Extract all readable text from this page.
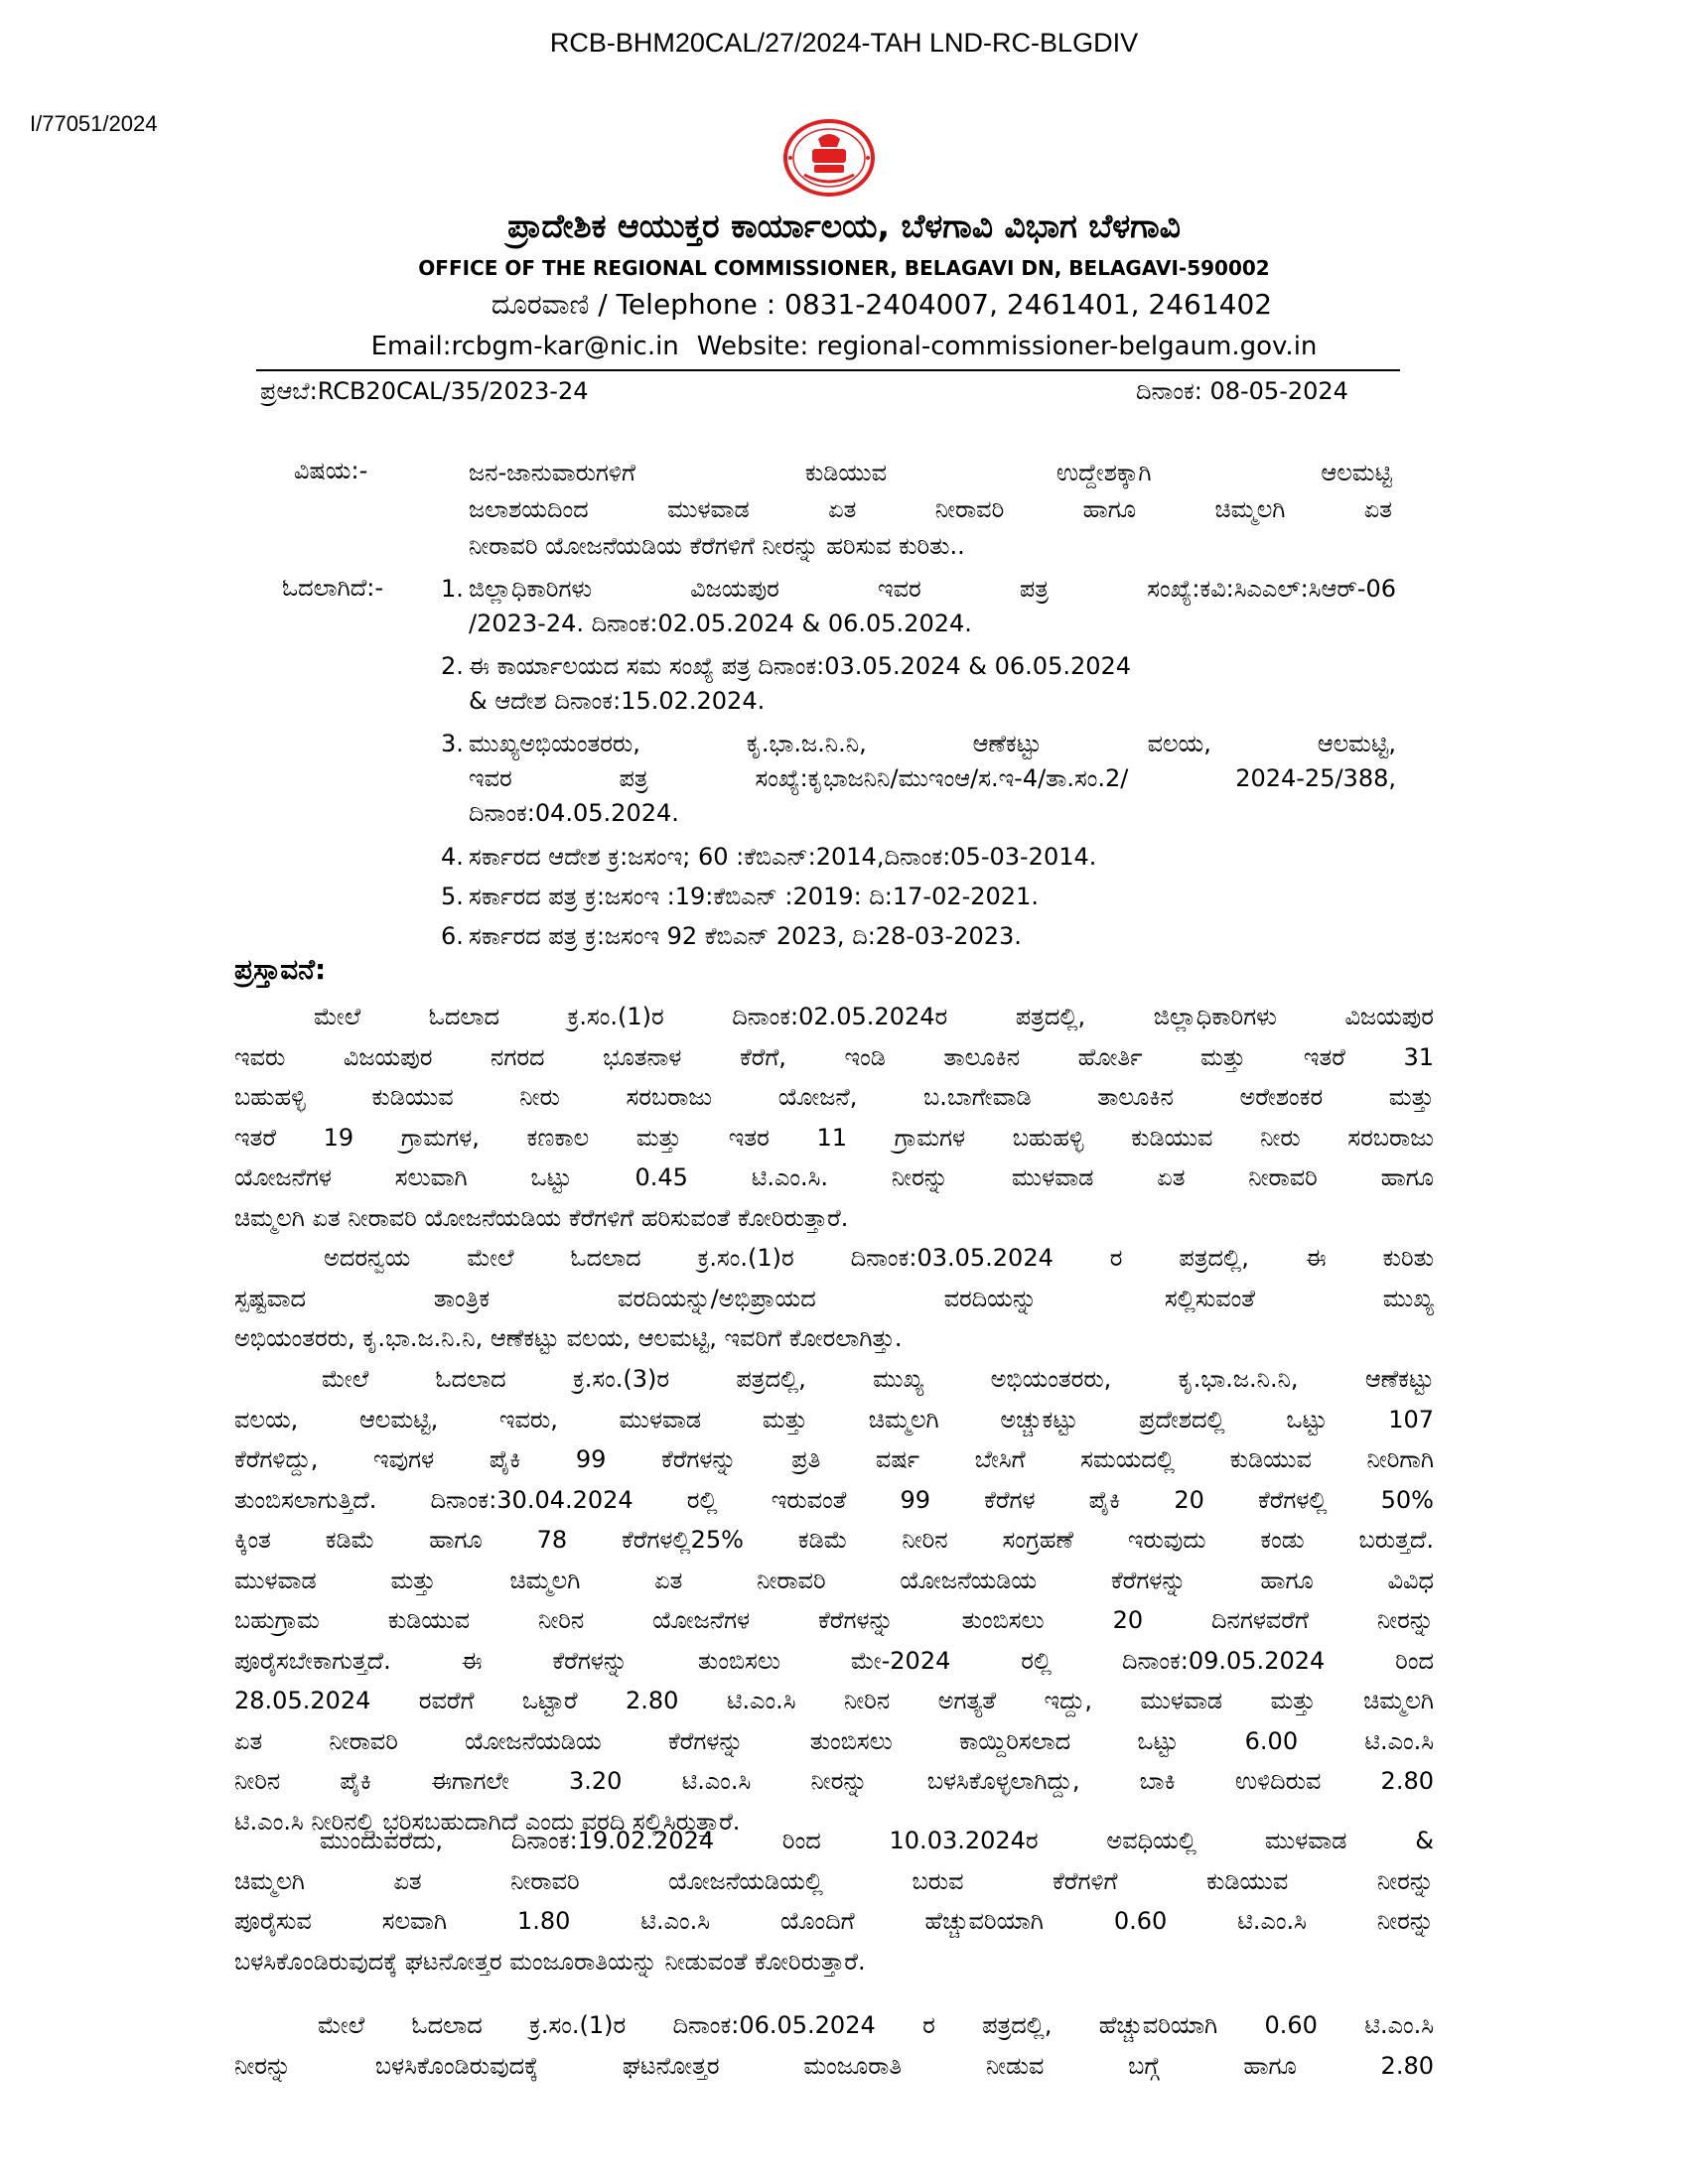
RCB-BHM20CAL/27/2024-TAH LND-RC-BLGDIV
I/77051/2024
ಪ್ರಾದೇಶಿಕ ಆಯುಕ್ತರ ಕಾರ್ಯಾಲಯ, ಬೆಳಗಾವಿ ವಿಭಾಗ ಬೆಳಗಾವಿ
OFFICE OF THE REGIONAL COMMISSIONER, BELAGAVI DN, BELAGAVI-590002
ದೂರವಾಣಿ / Telephone : 0831-2404007, 2461401, 2461402
Email:rcbgm-kar@nic.in Website: regional-commissioner-belgaum.gov.in
ಪ್ರಆಬೆ:RCB20CAL/35/2023-24	ದಿನಾಂಕ: 08-05-2024
ವಿಷಯ:-	ಜನ-ಜಾನುವಾರುಗಳಿಗೆ ಕುಡಿಯುವ ಉದ್ದೇಶಕ್ಕಾಗಿ ಆಲಮಟ್ಟಿ
ಜಲಾಶಯದಿಂದ ಮುಳವಾಡ ಏತ ನೀರಾವರಿ ಹಾಗೂ ಚಿಮ್ಮಲಗಿ ಏತ
ನೀರಾವರಿ ಯೋಜನೆಯಡಿಯ ಕೆರೆಗಳಿಗೆ ನೀರನ್ನು ಹರಿಸುವ ಕುರಿತು..
ಓದಲಾಗಿದೆ:- 1. ಜಿಲ್ಲಾಧಿಕಾರಿಗಳು ವಿಜಯಪುರ ಇವರ ಪತ್ರ ಸಂಖ್ಯೆ:ಕವಿ:ಸಿಎಎಲ್:ಸಿಆರ್-06
/2023-24. ದಿನಾಂಕ:02.05.2024 & 06.05.2024.
2. ಈ ಕಾರ್ಯಾಲಯದ ಸಮ ಸಂಖ್ಯೆ ಪತ್ರ ದಿನಾಂಕ:03.05.2024 & 06.05.2024
& ಆದೇಶ ದಿನಾಂಕ:15.02.2024.
3. ಮುಖ್ಯಅಭಿಯಂತರರು, ಕೃ.ಭಾ.ಜ.ನಿ.ನಿ, ಆಣೆಕಟ್ಟು ವಲಯ, ಆಲಮಟ್ಟಿ,
ಇವರ ಪತ್ರ ಸಂಖ್ಯೆ:ಕೃಭಾಜನಿನಿ/ಮುಇಂಆ/ಸ.ಇ-4/ತಾ.ಸಂ.2/ 2024-25/388,
ದಿನಾಂಕ:04.05.2024.
4. ಸರ್ಕಾರದ ಆದೇಶ ಕ್ರ:ಜಸಂಇ; 60 :ಕೆಬಿಎನ್:2014,ದಿನಾಂಕ:05-03-2014.
5. ಸರ್ಕಾರದ ಪತ್ರ ಕ್ರ:ಜಸಂಇ :19:ಕೆಬಿಎನ್ :2019: ದಿ:17-02-2021.
6. ಸರ್ಕಾರದ ಪತ್ರ ಕ್ರ:ಜಸಂಇ 92 ಕೆಬಿಎನ್ 2023, ದಿ:28-03-2023.
ಪ್ರಸ್ತಾವನೆ:
ಮೇಲೆ ಓದಲಾದ ಕ್ರ.ಸಂ.(1)ರ ದಿನಾಂಕ:02.05.2024ರ ಪತ್ರದಲ್ಲಿ, ಜಿಲ್ಲಾಧಿಕಾರಿಗಳು ವಿಜಯಪುರ
ಇವರು ವಿಜಯಪುರ ನಗರದ ಭೂತನಾಳ ಕೆರೆಗೆ, ಇಂಡಿ ತಾಲೂಕಿನ ಹೋರ್ತಿ ಮತ್ತು ಇತರೆ 31
ಬಹುಹಳ್ಳಿ ಕುಡಿಯುವ ನೀರು ಸರಬರಾಜು ಯೋಜನೆ, ಬ.ಬಾಗೇವಾಡಿ ತಾಲೂಕಿನ ಅರೇಶಂಕರ ಮತ್ತು
ಇತರೆ 19 ಗ್ರಾಮಗಳ, ಕಣಕಾಲ ಮತ್ತು ಇತರ 11 ಗ್ರಾಮಗಳ ಬಹುಹಳ್ಳಿ ಕುಡಿಯುವ ನೀರು ಸರಬರಾಜು
ಯೋಜನೆಗಳ ಸಲುವಾಗಿ ಒಟ್ಟು 0.45 ಟಿ.ಎಂ.ಸಿ. ನೀರನ್ನು ಮುಳವಾಡ ಏತ ನೀರಾವರಿ ಹಾಗೂ
ಚಿಮ್ಮಲಗಿ ಏತ ನೀರಾವರಿ ಯೋಜನೆಯಡಿಯ ಕೆರೆಗಳಿಗೆ ಹರಿಸುವಂತೆ ಕೋರಿರುತ್ತಾರೆ.
ಅದರನ್ವಯ ಮೇಲೆ ಓದಲಾದ ಕ್ರ.ಸಂ.(1)ರ ದಿನಾಂಕ:03.05.2024 ರ ಪತ್ರದಲ್ಲಿ, ಈ ಕುರಿತು
ಸ್ಪಷ್ಟವಾದ ತಾಂತ್ರಿಕ ವರದಿಯನ್ನು/ಅಭಿಪ್ರಾಯದ ವರದಿಯನ್ನು ಸಲ್ಲಿಸುವಂತೆ ಮುಖ್ಯ
ಅಭಿಯಂತರರು, ಕೃ.ಭಾ.ಜ.ನಿ.ನಿ, ಆಣೆಕಟ್ಟು ವಲಯ, ಆಲಮಟ್ಟಿ, ಇವರಿಗೆ ಕೋರಲಾಗಿತ್ತು.
ಮೇಲೆ ಓದಲಾದ ಕ್ರ.ಸಂ.(3)ರ ಪತ್ರದಲ್ಲಿ, ಮುಖ್ಯ ಅಭಿಯಂತರರು, ಕೃ.ಭಾ.ಜ.ನಿ.ನಿ, ಆಣೆಕಟ್ಟು
ವಲಯ, ಆಲಮಟ್ಟಿ, ಇವರು, ಮುಳವಾಡ ಮತ್ತು ಚಿಮ್ಮಲಗಿ ಅಚ್ಚುಕಟ್ಟು ಪ್ರದೇಶದಲ್ಲಿ ಒಟ್ಟು 107
ಕೆರೆಗಳಿದ್ದು, ಇವುಗಳ ಪೈಕಿ 99 ಕೆರೆಗಳನ್ನು ಪ್ರತಿ ವರ್ಷ ಬೇಸಿಗೆ ಸಮಯದಲ್ಲಿ ಕುಡಿಯುವ ನೀರಿಗಾಗಿ
ತುಂಬಿಸಲಾಗುತ್ತಿದೆ. ದಿನಾಂಕ:30.04.2024 ರಲ್ಲಿ ಇರುವಂತೆ 99 ಕೆರೆಗಳ ಪೈಕಿ 20 ಕೆರೆಗಳಲ್ಲಿ 50%
ಕ್ಕಿಂತ ಕಡಿಮೆ ಹಾಗೂ 78 ಕೆರೆಗಳಲ್ಲಿ25% ಕಡಿಮೆ ನೀರಿನ ಸಂಗ್ರಹಣೆ ಇರುವುದು ಕಂಡು ಬರುತ್ತದೆ.
ಮುಳವಾಡ ಮತ್ತು ಚಿಮ್ಮಲಗಿ ಏತ ನೀರಾವರಿ ಯೋಜನೆಯಡಿಯ ಕೆರೆಗಳನ್ನು ಹಾಗೂ ವಿವಿಧ
ಬಹುಗ್ರಾಮ ಕುಡಿಯುವ ನೀರಿನ ಯೋಜನೆಗಳ ಕೆರೆಗಳನ್ನು ತುಂಬಿಸಲು 20 ದಿನಗಳವರೆಗೆ ನೀರನ್ನು
ಪೂರೈಸಬೇಕಾಗುತ್ತದೆ. ಈ ಕೆರೆಗಳನ್ನು ತುಂಬಿಸಲು ಮೇ-2024 ರಲ್ಲಿ ದಿನಾಂಕ:09.05.2024 ರಿಂದ
28.05.2024 ರವರೆಗೆ ಒಟ್ಟಾರೆ 2.80 ಟಿ.ಎಂ.ಸಿ ನೀರಿನ ಅಗತ್ಯತೆ ಇದ್ದು, ಮುಳವಾಡ ಮತ್ತು ಚಿಮ್ಮಲಗಿ
ಏತ ನೀರಾವರಿ ಯೋಜನೆಯಡಿಯ ಕೆರೆಗಳನ್ನು ತುಂಬಿಸಲು ಕಾಯ್ದಿರಿಸಲಾದ ಒಟ್ಟು 6.00 ಟಿ.ಎಂ.ಸಿ
ನೀರಿನ ಪೈಕಿ ಈಗಾಗಲೇ 3.20 ಟಿ.ಎಂ.ಸಿ ನೀರನ್ನು ಬಳಸಿಕೊಳ್ಳಲಾಗಿದ್ದು, ಬಾಕಿ ಉಳಿದಿರುವ 2.80
ಟಿ.ಎಂ.ಸಿ ನೀರಿನಲ್ಲಿ ಭರಿಸಬಹುದಾಗಿದೆ ಎಂದು ವರದಿ ಸಲ್ಲಿಸಿರುತ್ತಾರೆ.
ಮುಂದುವರೆದು, ದಿನಾಂಕ:19.02.2024 ರಿಂದ 10.03.2024ರ ಅವಧಿಯಲ್ಲಿ ಮುಳವಾಡ &
ಚಿಮ್ಮಲಗಿ ಏತ ನೀರಾವರಿ ಯೋಜನೆಯಡಿಯಲ್ಲಿ ಬರುವ ಕೆರೆಗಳಿಗೆ ಕುಡಿಯುವ ನೀರನ್ನು
ಪೂರೈಸುವ ಸಲವಾಗಿ 1.80 ಟಿ.ಎಂ.ಸಿ ಯೊಂದಿಗೆ ಹೆಚ್ಚುವರಿಯಾಗಿ 0.60 ಟಿ.ಎಂ.ಸಿ ನೀರನ್ನು
ಬಳಸಿಕೊಂಡಿರುವುದಕ್ಕೆ ಘಟನೋತ್ತರ ಮಂಜೂರಾತಿಯನ್ನು ನೀಡುವಂತೆ ಕೋರಿರುತ್ತಾರೆ.
ಮೇಲೆ ಓದಲಾದ ಕ್ರ.ಸಂ.(1)ರ ದಿನಾಂಕ:06.05.2024 ರ ಪತ್ರದಲ್ಲಿ, ಹೆಚ್ಚುವರಿಯಾಗಿ 0.60 ಟಿ.ಎಂ.ಸಿ
ನೀರನ್ನು ಬಳಸಿಕೊಂಡಿರುವುದಕ್ಕೆ ಘಟನೋತ್ತರ ಮಂಜೂರಾತಿ ನೀಡುವ ಬಗ್ಗೆ ಹಾಗೂ 2.80
